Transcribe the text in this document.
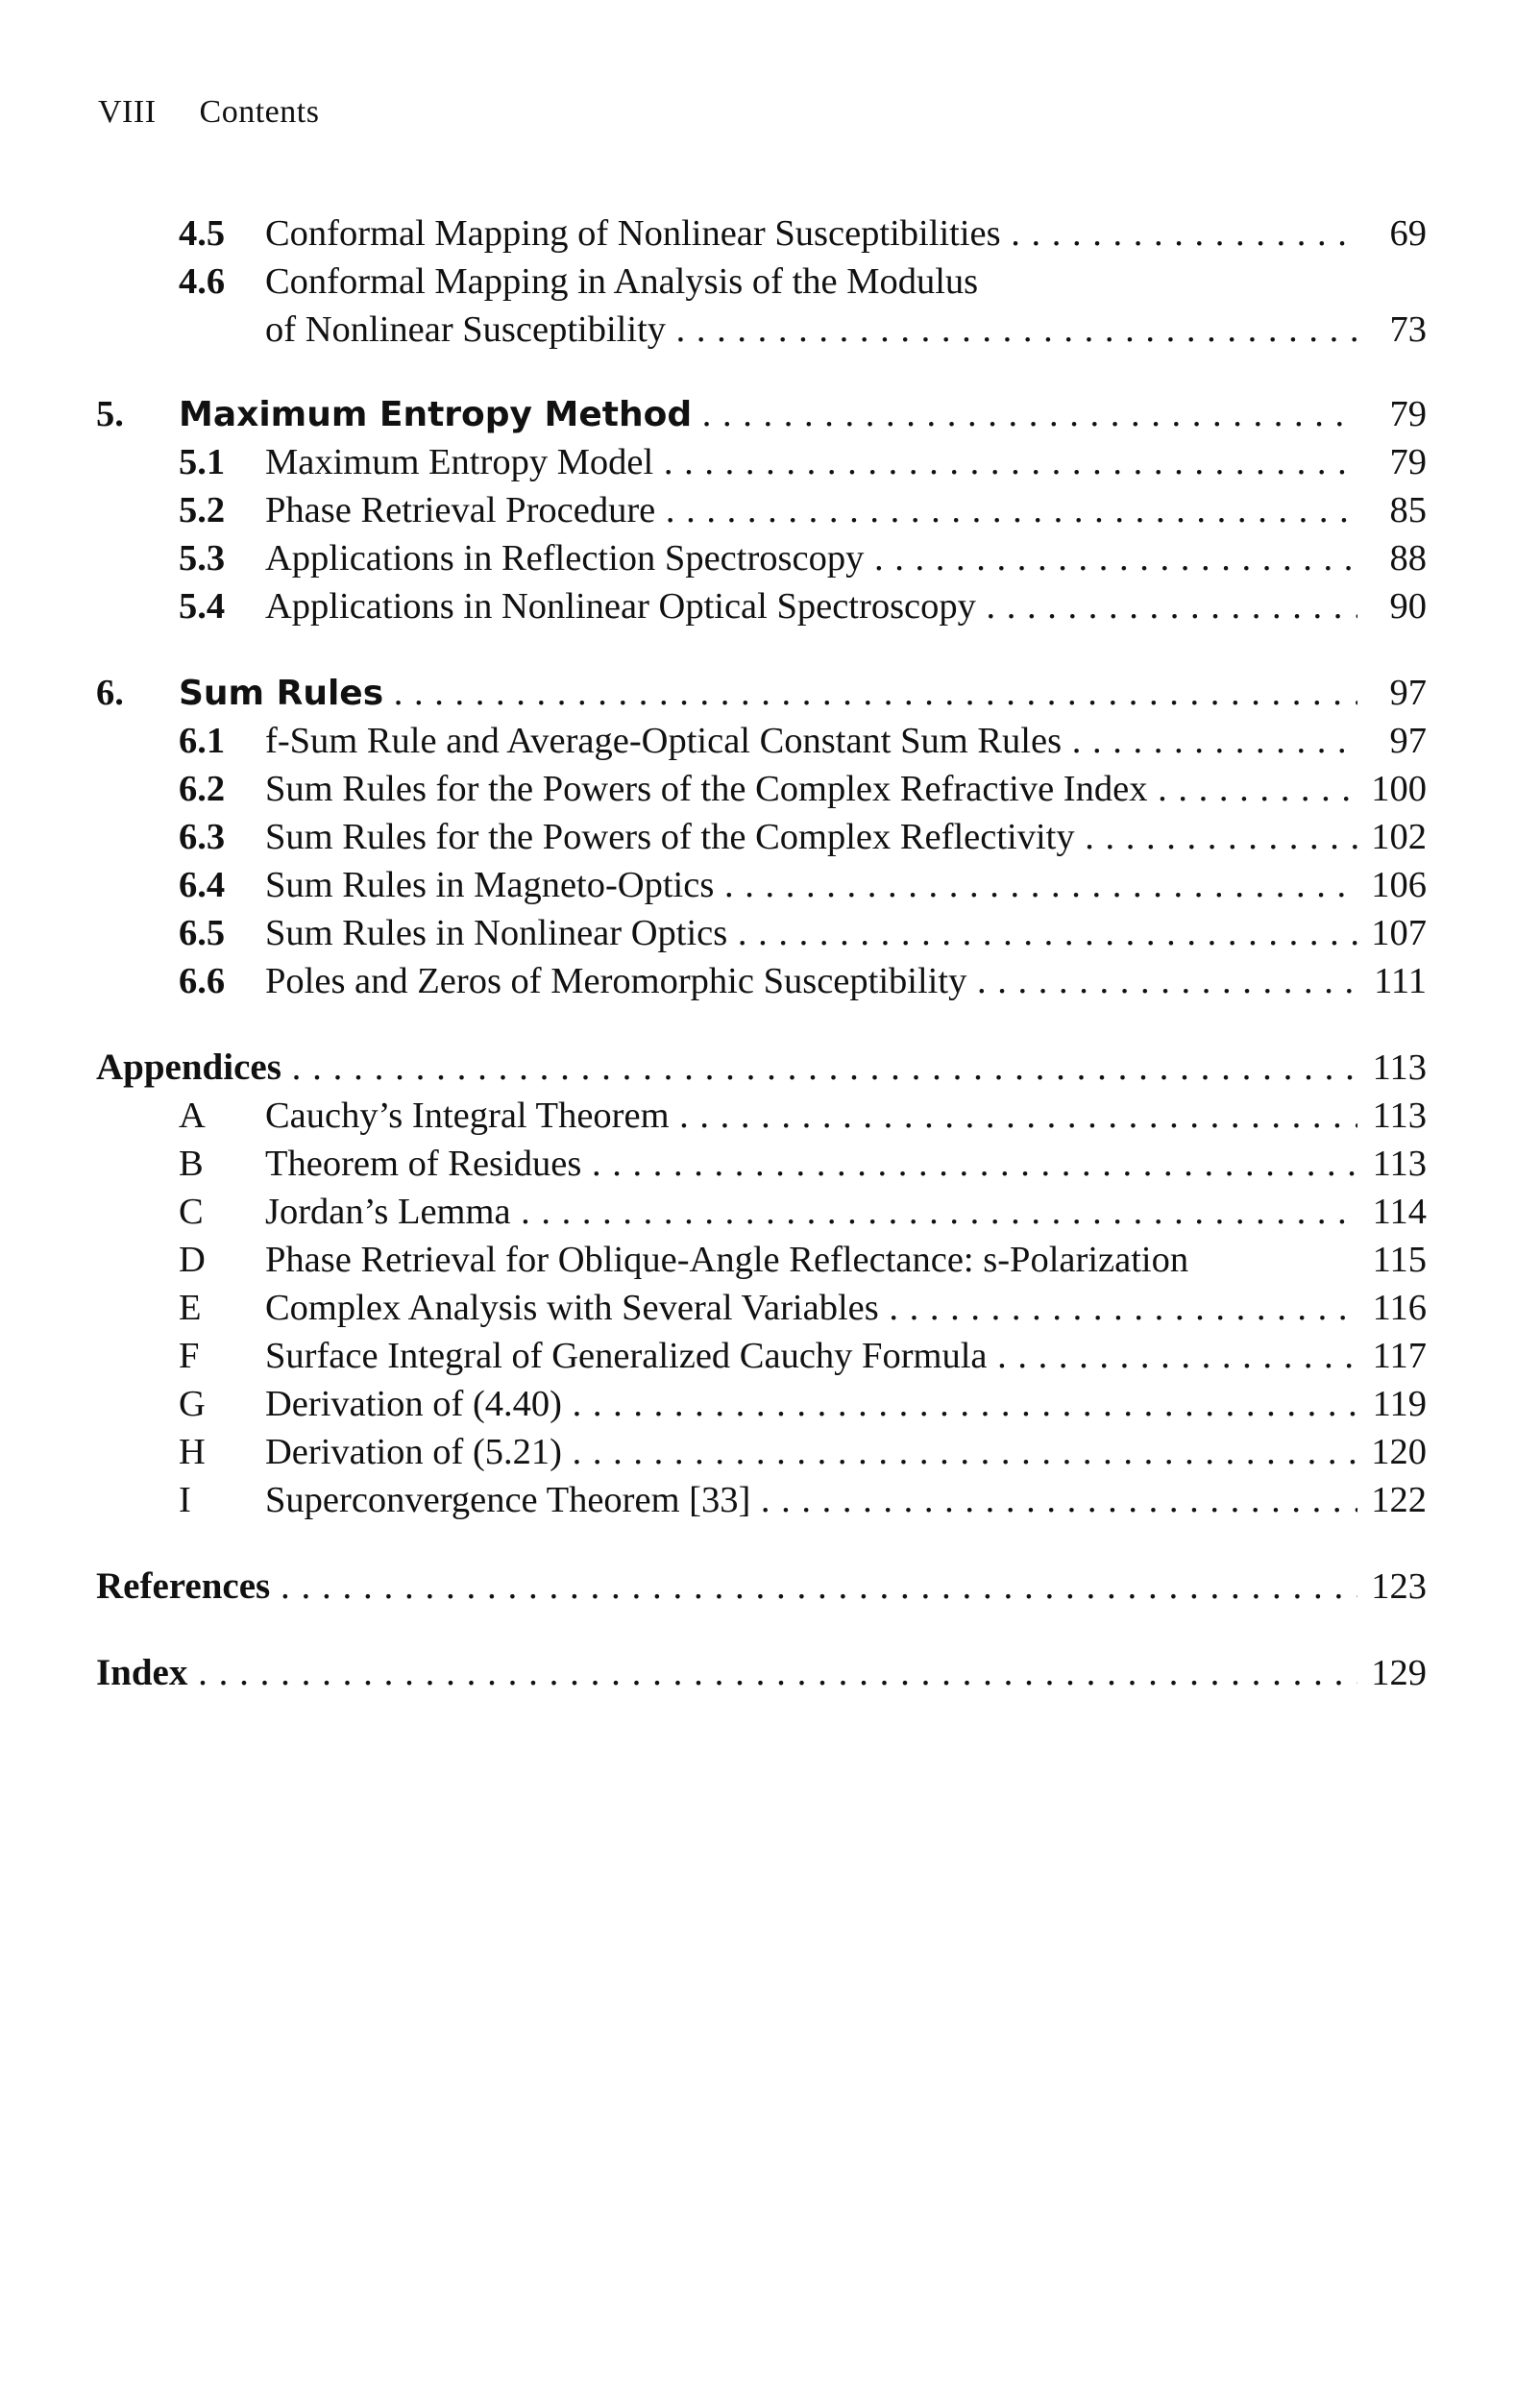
VIII Contents
4.5 Conformal Mapping of Nonlinear Susceptibilities . . .	69
4.6 Conformal Mapping in Analysis of the Modulus
of Nonlinear Susceptibility . . .	73
5. Maximum Entropy Method . . .	79
5.1 Maximum Entropy Model . . .	79
5.2 Phase Retrieval Procedure . . .	85
5.3 Applications in Reflection Spectroscopy . . .	88
5.4 Applications in Nonlinear Optical Spectroscopy . . .	90
6. Sum Rules . . .	97
6.1 f-Sum Rule and Average-Optical Constant Sum Rules . . .	97
6.2 Sum Rules for the Powers of the Complex Refractive Index . . .	100
6.3 Sum Rules for the Powers of the Complex Reflectivity . . .	102
6.4 Sum Rules in Magneto-Optics . . .	106
6.5 Sum Rules in Nonlinear Optics . . .	107
6.6 Poles and Zeros of Meromorphic Susceptibility . . .	111
Appendices . . .	113
A Cauchy’s Integral Theorem . . .	113
B Theorem of Residues . . .	113
C Jordan’s Lemma . . .	114
D Phase Retrieval for Oblique-Angle Reflectance: s-Polarization	115
E Complex Analysis with Several Variables . . .	116
F Surface Integral of Generalized Cauchy Formula . . .	117
G Derivation of (4.40) . . .	119
H Derivation of (5.21) . . .	120
I Superconvergence Theorem [33] . . .	122
References . . .	123
Index . . .	129
